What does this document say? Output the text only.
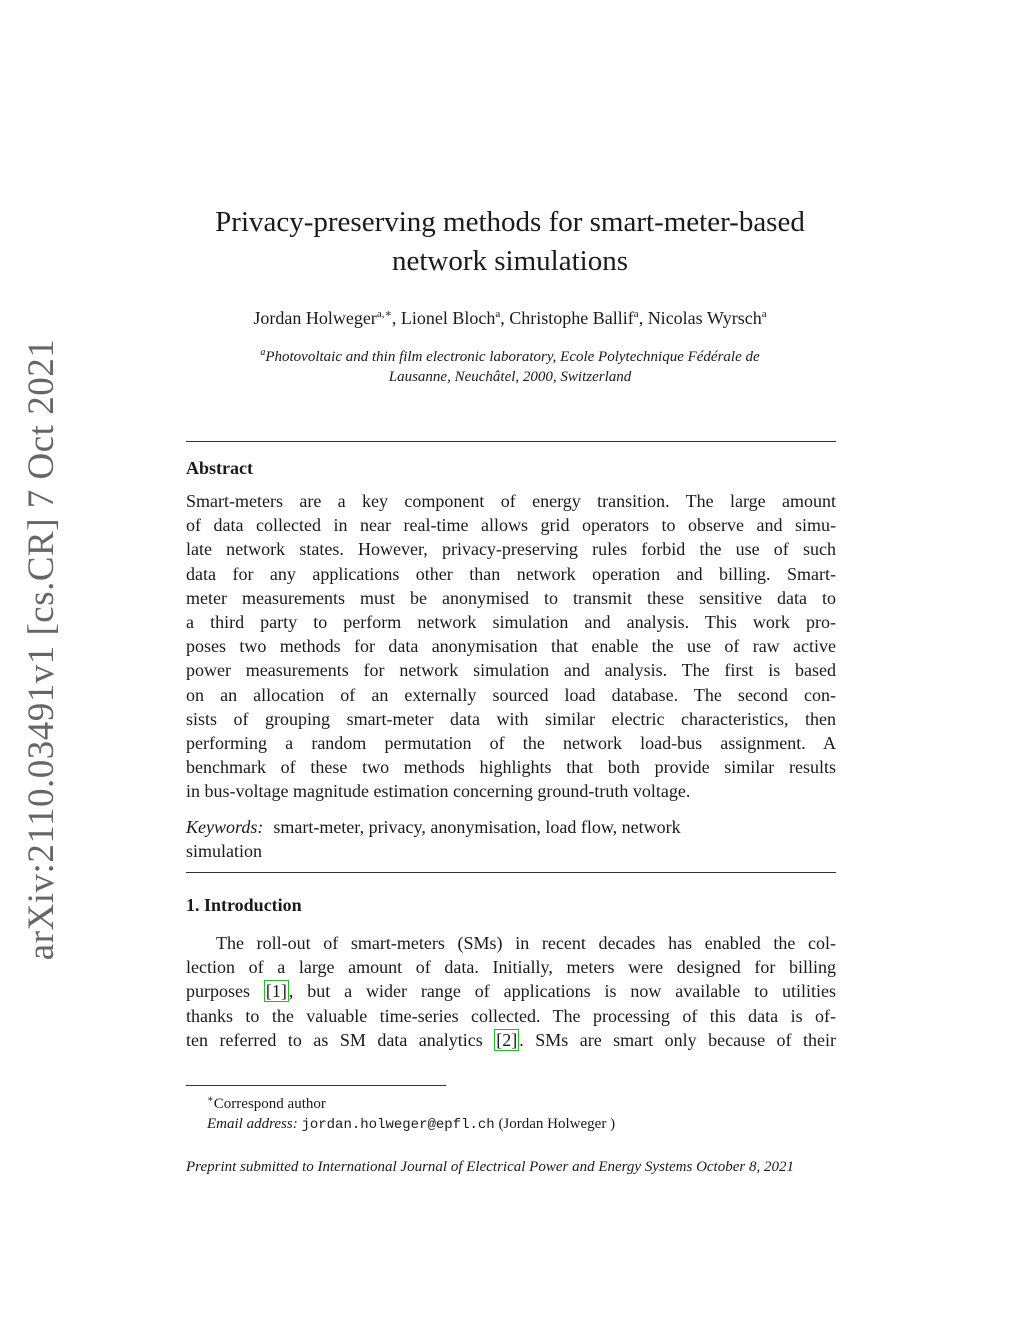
arXiv:2110.03491v1 [cs.CR] 7 Oct 2021
Privacy-preserving methods for smart-meter-based
network simulations
Jordan Holweger$^{a,∗}$, Lionel Bloch$^a$, Christophe Ballif$^a$, Nicolas Wyrsch$^a$
$^a$Photovoltaic and thin film electronic laboratory, Ecole Polytechnique Fédérale de
Lausanne, Neuchâtel, 2000, Switzerland
Abstract
Smart-meters are a key component of energy transition. The large amount
of data collected in near real-time allows grid operators to observe and simu-
late network states. However, privacy-preserving rules forbid the use of such
data for any applications other than network operation and billing. Smart-
meter measurements must be anonymised to transmit these sensitive data to
a third party to perform network simulation and analysis. This work pro-
poses two methods for data anonymisation that enable the use of raw active
power measurements for network simulation and analysis. The first is based
on an allocation of an externally sourced load database. The second con-
sists of grouping smart-meter data with similar electric characteristics, then
performing a random permutation of the network load-bus assignment. A
benchmark of these two methods highlights that both provide similar results
in bus-voltage magnitude estimation concerning ground-truth voltage.
Keywords: smart-meter, privacy, anonymisation, load flow, network
simulation
1. Introduction
The roll-out of smart-meters (SMs) in recent decades has enabled the col-
lection of a large amount of data. Initially, meters were designed for billing
purposes [1] , but a wider range of applications is now available to utilities
thanks to the valuable time-series collected. The processing of this data is of-
ten referred to as SM data analytics [2] . SMs are smart only because of their
∗Correspond author
Email address: jordan.holweger@epfl.ch (Jordan Holweger )
Preprint submitted to International Journal of Electrical Power and Energy Systems October 8, 2021
